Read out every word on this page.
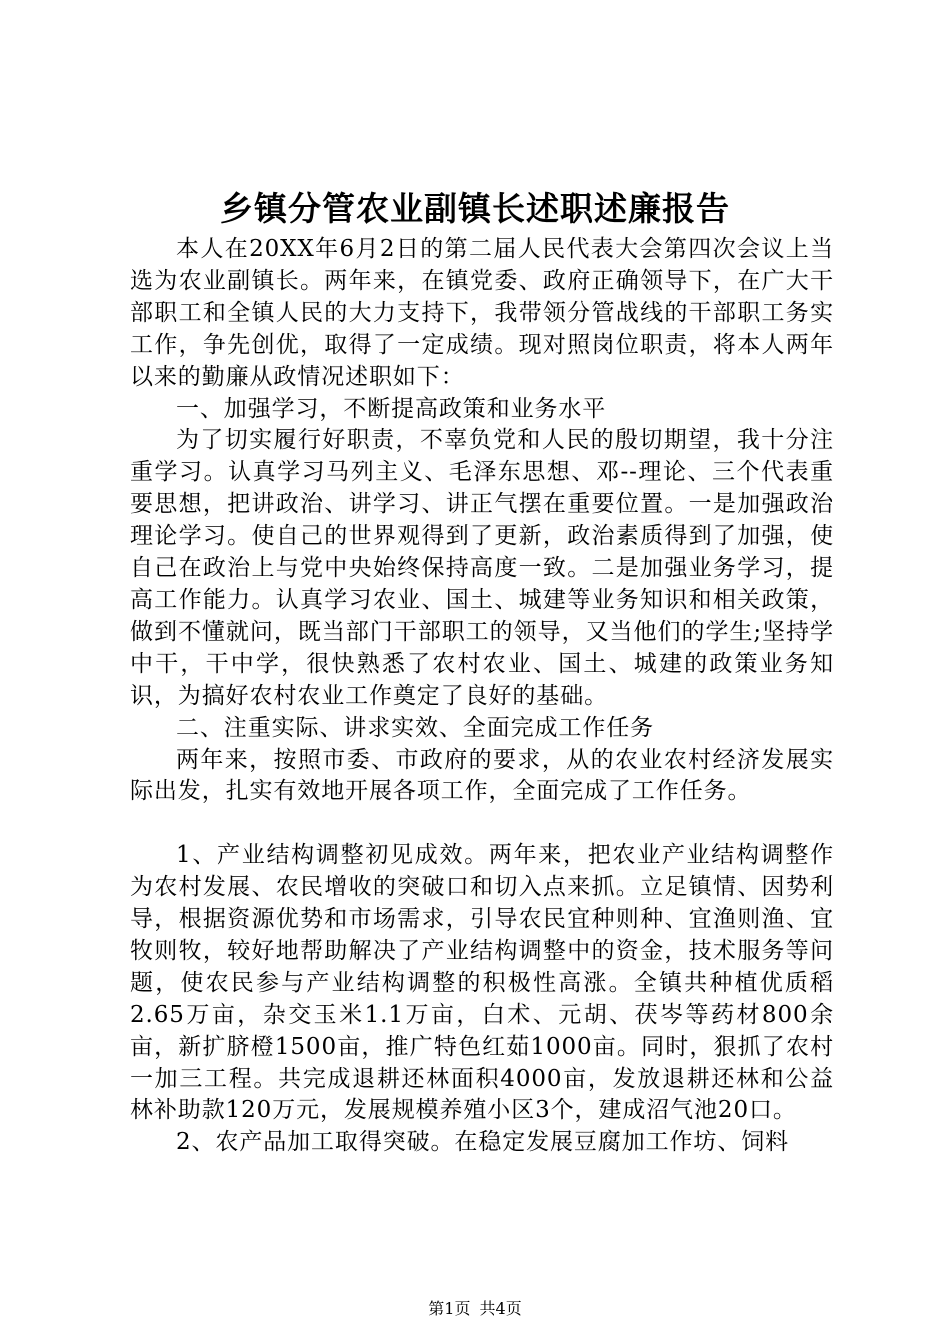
乡镇分管农业副镇长述职述廉报告

本人在20XX年6月2日的第二届人民代表大会第四次会议上当选为农业副镇长。两年来，在镇党委、政府正确领导下，在广大干部职工和全镇人民的大力支持下，我带领分管战线的干部职工务实工作，争先创优，取得了一定成绩。现对照岗位职责，将本人两年以来的勤廉从政情况述职如下：

一、加强学习，不断提高政策和业务水平

为了切实履行好职责，不辜负党和人民的殷切期望，我十分注重学习。认真学习马列主义、毛泽东思想、邓--理论、三个代表重要思想，把讲政治、讲学习、讲正气摆在重要位置。一是加强政治理论学习。使自己的世界观得到了更新，政治素质得到了加强，使自己在政治上与党中央始终保持高度一致。二是加强业务学习，提高工作能力。认真学习农业、国土、城建等业务知识和相关政策，做到不懂就问，既当部门干部职工的领导，又当他们的学生;坚持学中干，干中学，很快熟悉了农村农业、国土、城建的政策业务知识，为搞好农村农业工作奠定了良好的基础。

二、注重实际、讲求实效、全面完成工作任务

两年来，按照市委、市政府的要求，从的农业农村经济发展实际出发，扎实有效地开展各项工作，全面完成了工作任务。

1、产业结构调整初见成效。两年来，把农业产业结构调整作为农村发展、农民增收的突破口和切入点来抓。立足镇情、因势利导，根据资源优势和市场需求，引导农民宜种则种、宜渔则渔、宜牧则牧，较好地帮助解决了产业结构调整中的资金，技术服务等问题，使农民参与产业结构调整的积极性高涨。全镇共种植优质稻2.65万亩，杂交玉米1.1万亩，白术、元胡、茯岑等药材800余亩，新扩脐橙1500亩，推广特色红茹1000亩。同时，狠抓了农村一加三工程。共完成退耕还林面积4000亩，发放退耕还林和公益林补助款120万元，发展规模养殖小区3个，建成沼气池20口。

2、农产品加工取得突破。在稳定发展豆腐加工作坊、饲料

第1页 共4页
